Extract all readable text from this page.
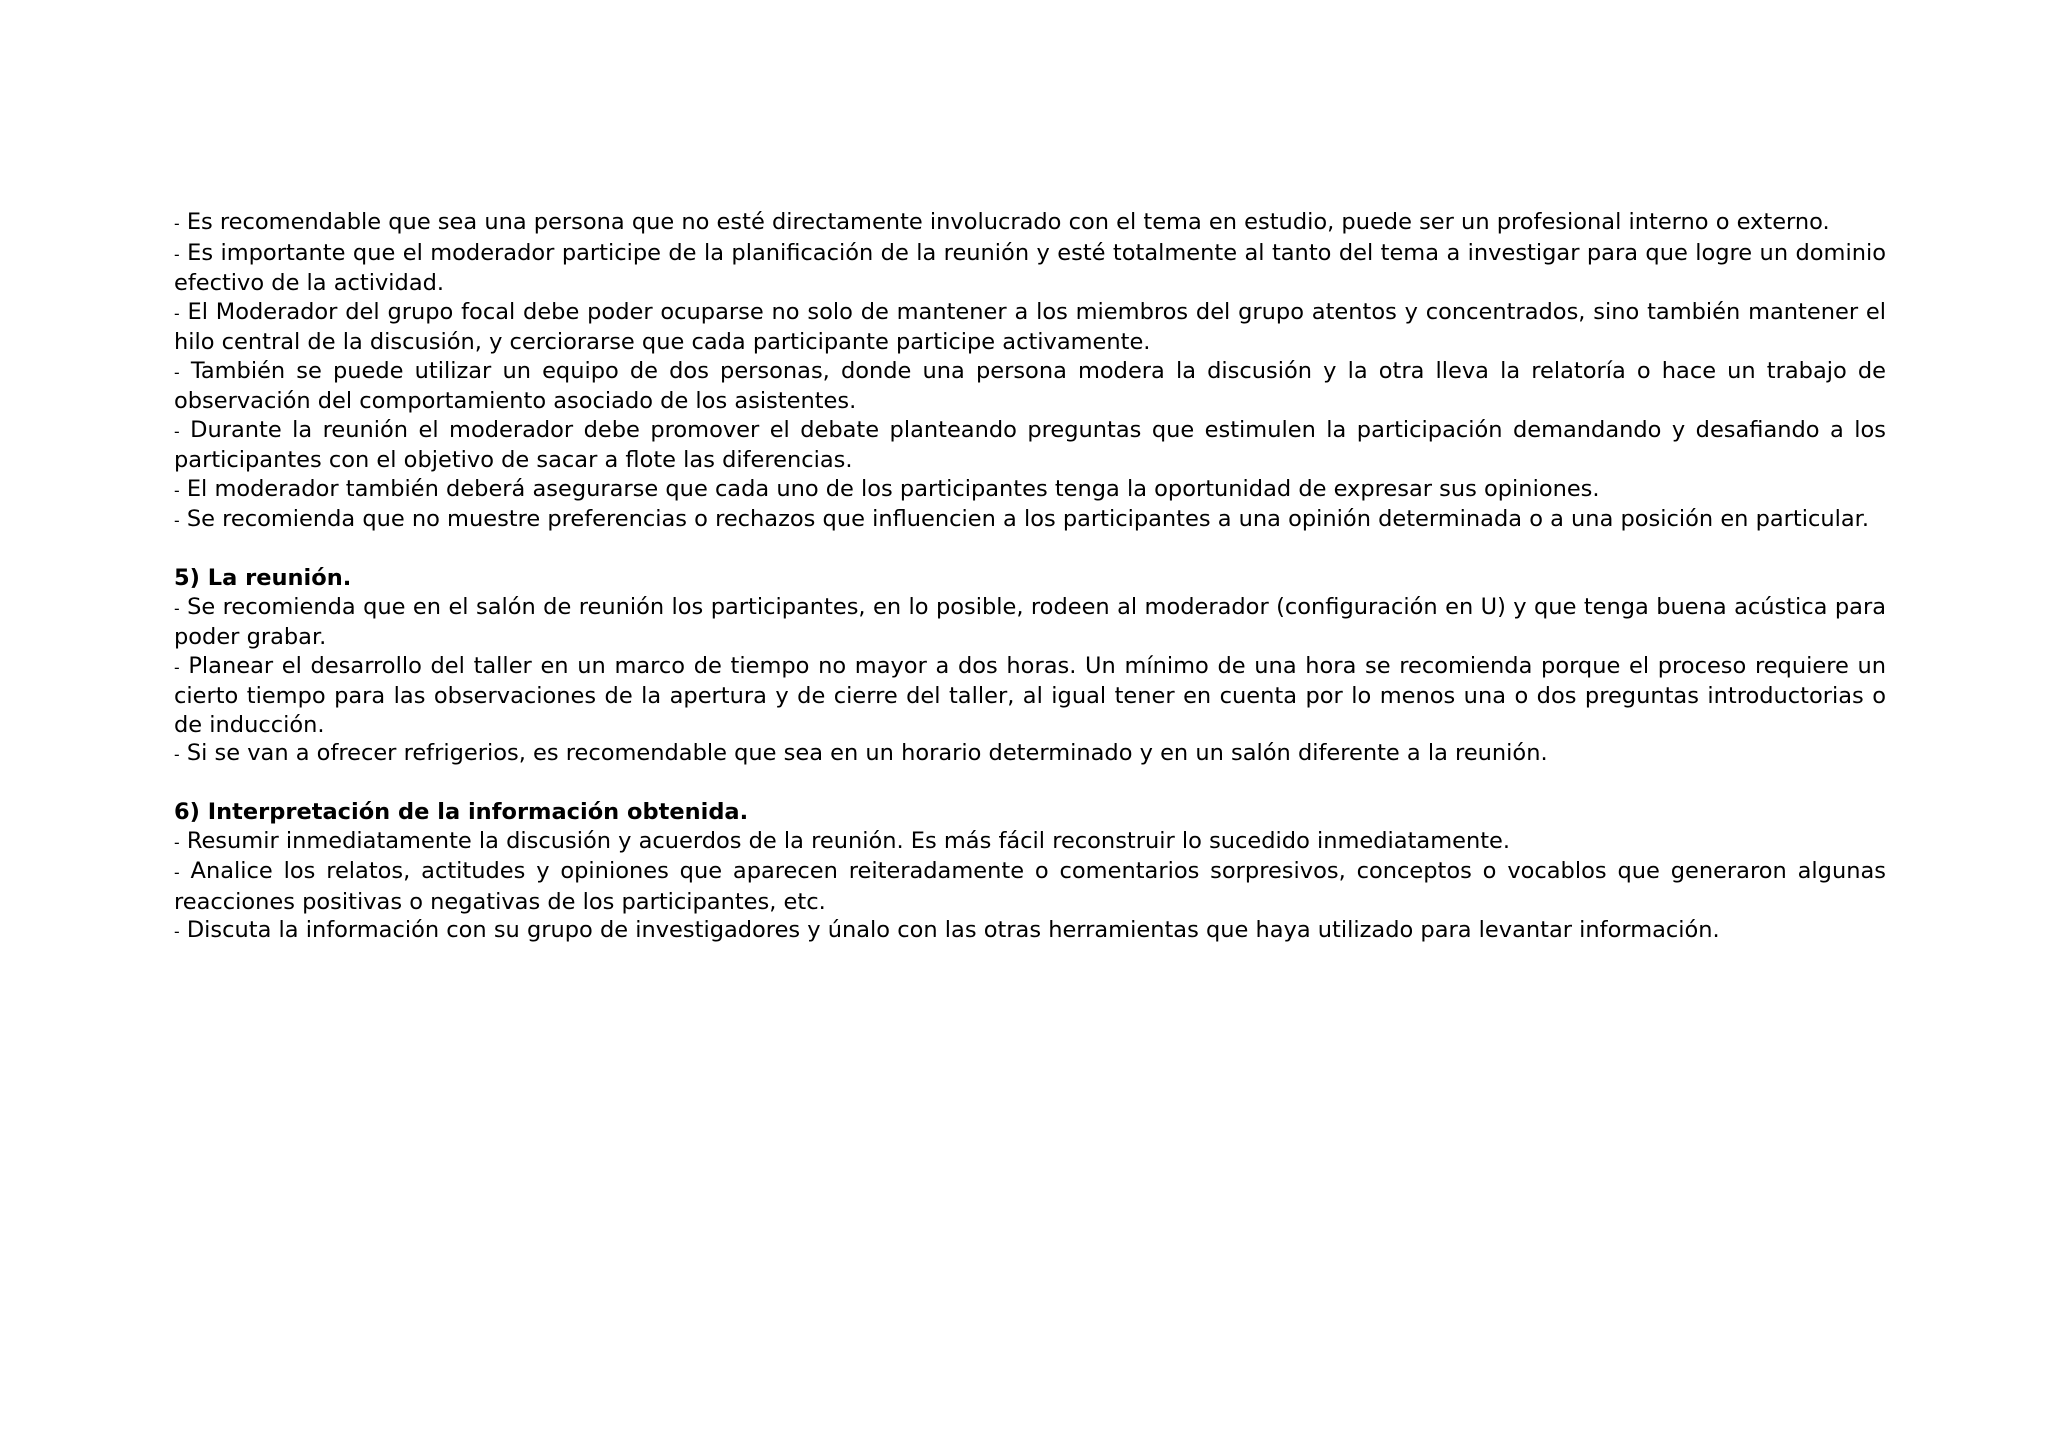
- Es recomendable que sea una persona que no esté directamente involucrado con el tema en estudio, puede ser un profesional interno o externo.

- Es importante que el moderador participe de la planificación de la reunión y esté totalmente al tanto del tema a investigar para que logre un dominio efectivo de la actividad.

- El Moderador del grupo focal debe poder ocuparse no solo de mantener a los miembros del grupo atentos y concentrados, sino también mantener el hilo central de la discusión, y cerciorarse que cada participante participe activamente.

- También se puede utilizar un equipo de dos personas, donde una persona modera la discusión y la otra lleva la relatoría o hace un trabajo de observación del comportamiento asociado de los asistentes.

- Durante la reunión el moderador debe promover el debate planteando preguntas que estimulen la participación demandando y desafiando a los participantes con el objetivo de sacar a flote las diferencias.

- El moderador también deberá asegurarse que cada uno de los participantes tenga la oportunidad de expresar sus opiniones.

- Se recomienda que no muestre preferencias o rechazos que influencien a los participantes a una opinión determinada o a una posición en particular.

5) La reunión.

- Se recomienda que en el salón de reunión los participantes, en lo posible, rodeen al moderador (configuración en U) y que tenga buena acústica para poder grabar.

- Planear el desarrollo del taller en un marco de tiempo no mayor a dos horas. Un mínimo de una hora se recomienda porque el proceso requiere un cierto tiempo para las observaciones de la apertura y de cierre del taller, al igual tener en cuenta por lo menos una o dos preguntas introductorias o de inducción.

- Si se van a ofrecer refrigerios, es recomendable que sea en un horario determinado y en un salón diferente a la reunión.

6) Interpretación de la información obtenida.

- Resumir inmediatamente la discusión y acuerdos de la reunión. Es más fácil reconstruir lo sucedido inmediatamente.

- Analice los relatos, actitudes y opiniones que aparecen reiteradamente o comentarios sorpresivos, conceptos o vocablos que generaron algunas reacciones positivas o negativas de los participantes, etc.

- Discuta la información con su grupo de investigadores y únalo con las otras herramientas que haya utilizado para levantar información.
